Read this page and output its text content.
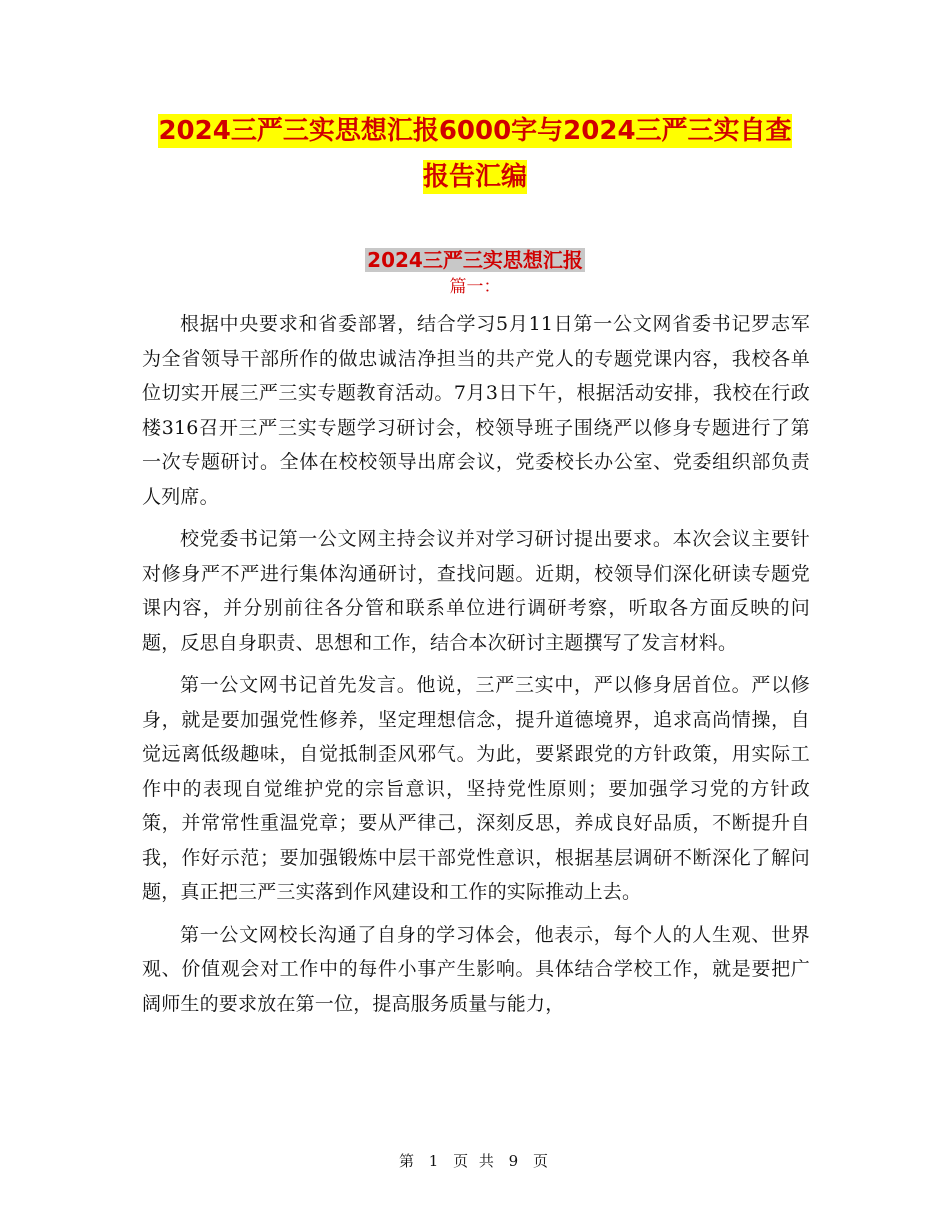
2024三严三实思想汇报6000字与2024三严三实自查
报告汇编
2024三严三实思想汇报
篇一：

根据中央要求和省委部署，结合学习5月11日第一公文网省委书记罗志军为全省领导干部所作的做忠诚洁净担当的共产党人的专题党课内容，我校各单位切实开展三严三实专题教育活动。7月3日下午，根据活动安排，我校在行政楼316召开三严三实专题学习研讨会，校领导班子围绕严以修身专题进行了第一次专题研讨。全体在校校领导出席会议，党委校长办公室、党委组织部负责人列席。

校党委书记第一公文网主持会议并对学习研讨提出要求。本次会议主要针对修身严不严进行集体沟通研讨，查找问题。近期，校领导们深化研读专题党课内容，并分别前往各分管和联系单位进行调研考察，听取各方面反映的问题，反思自身职责、思想和工作，结合本次研讨主题撰写了发言材料。

第一公文网书记首先发言。他说，三严三实中，严以修身居首位。严以修身，就是要加强党性修养，坚定理想信念，提升道德境界，追求高尚情操，自觉远离低级趣味，自觉抵制歪风邪气。为此，要紧跟党的方针政策，用实际工作中的表现自觉维护党的宗旨意识，坚持党性原则；要加强学习党的方针政策，并常常性重温党章；要从严律己，深刻反思，养成良好品质，不断提升自我，作好示范；要加强锻炼中层干部党性意识，根据基层调研不断深化了解问题，真正把三严三实落到作风建设和工作的实际推动上去。

第一公文网校长沟通了自身的学习体会，他表示，每个人的人生观、世界观、价值观会对工作中的每件小事产生影响。具体结合学校工作，就是要把广阔师生的要求放在第一位，提高服务质量与能力，

第 1 页 共 9 页
